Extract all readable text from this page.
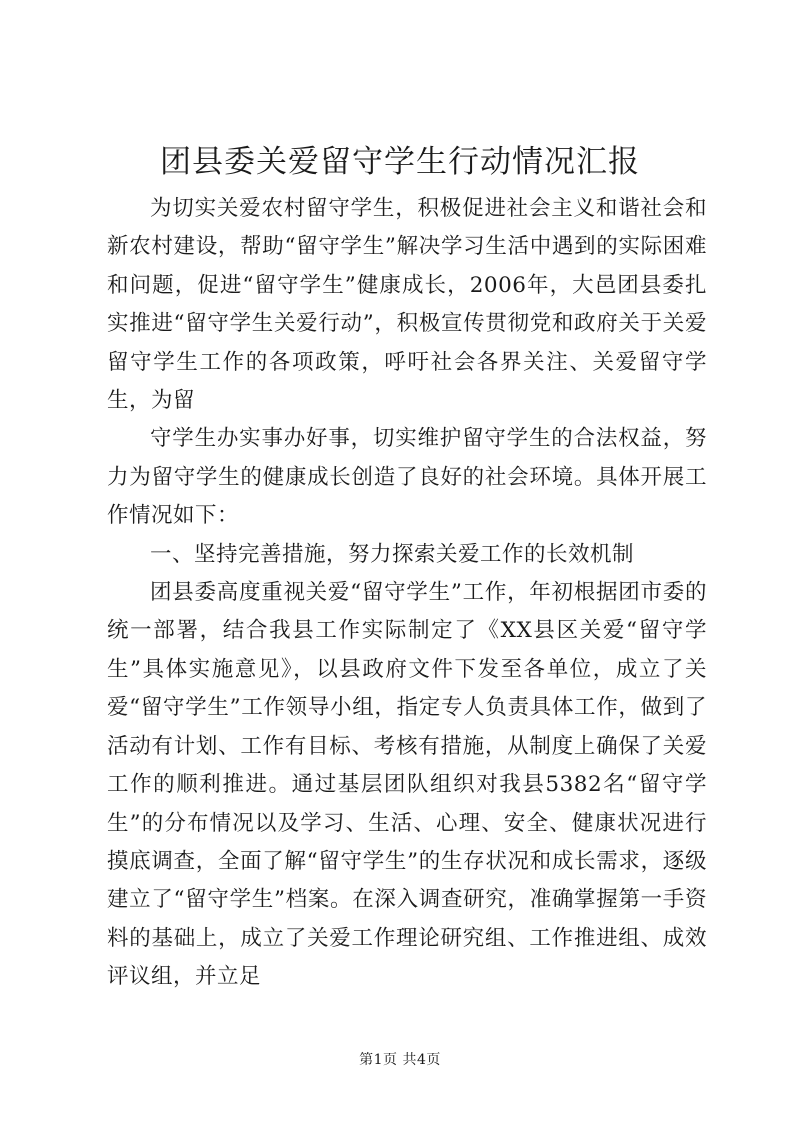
团县委关爱留守学生行动情况汇报

为切实关爱农村留守学生，积极促进社会主义和谐社会和新农村建设，帮助“留守学生”解决学习生活中遇到的实际困难和问题，促进“留守学生”健康成长，2006年，大邑团县委扎实推进“留守学生关爱行动”，积极宣传贯彻党和政府关于关爱留守学生工作的各项政策，呼吁社会各界关注、关爱留守学生，为留

守学生办实事办好事，切实维护留守学生的合法权益，努力为留守学生的健康成长创造了良好的社会环境。具体开展工作情况如下：

一、坚持完善措施，努力探索关爱工作的长效机制

团县委高度重视关爱“留守学生”工作，年初根据团市委的统一部署，结合我县工作实际制定了《XX县区关爱“留守学生”具体实施意见》，以县政府文件下发至各单位，成立了关爱“留守学生”工作领导小组，指定专人负责具体工作，做到了活动有计划、工作有目标、考核有措施，从制度上确保了关爱工作的顺利推进。通过基层团队组织对我县5382名“留守学生”的分布情况以及学习、生活、心理、安全、健康状况进行摸底调查，全面了解“留守学生”的生存状况和成长需求，逐级建立了“留守学生”档案。在深入调查研究，准确掌握第一手资料的基础上，成立了关爱工作理论研究组、工作推进组、成效评议组，并立足

第1页 共4页
